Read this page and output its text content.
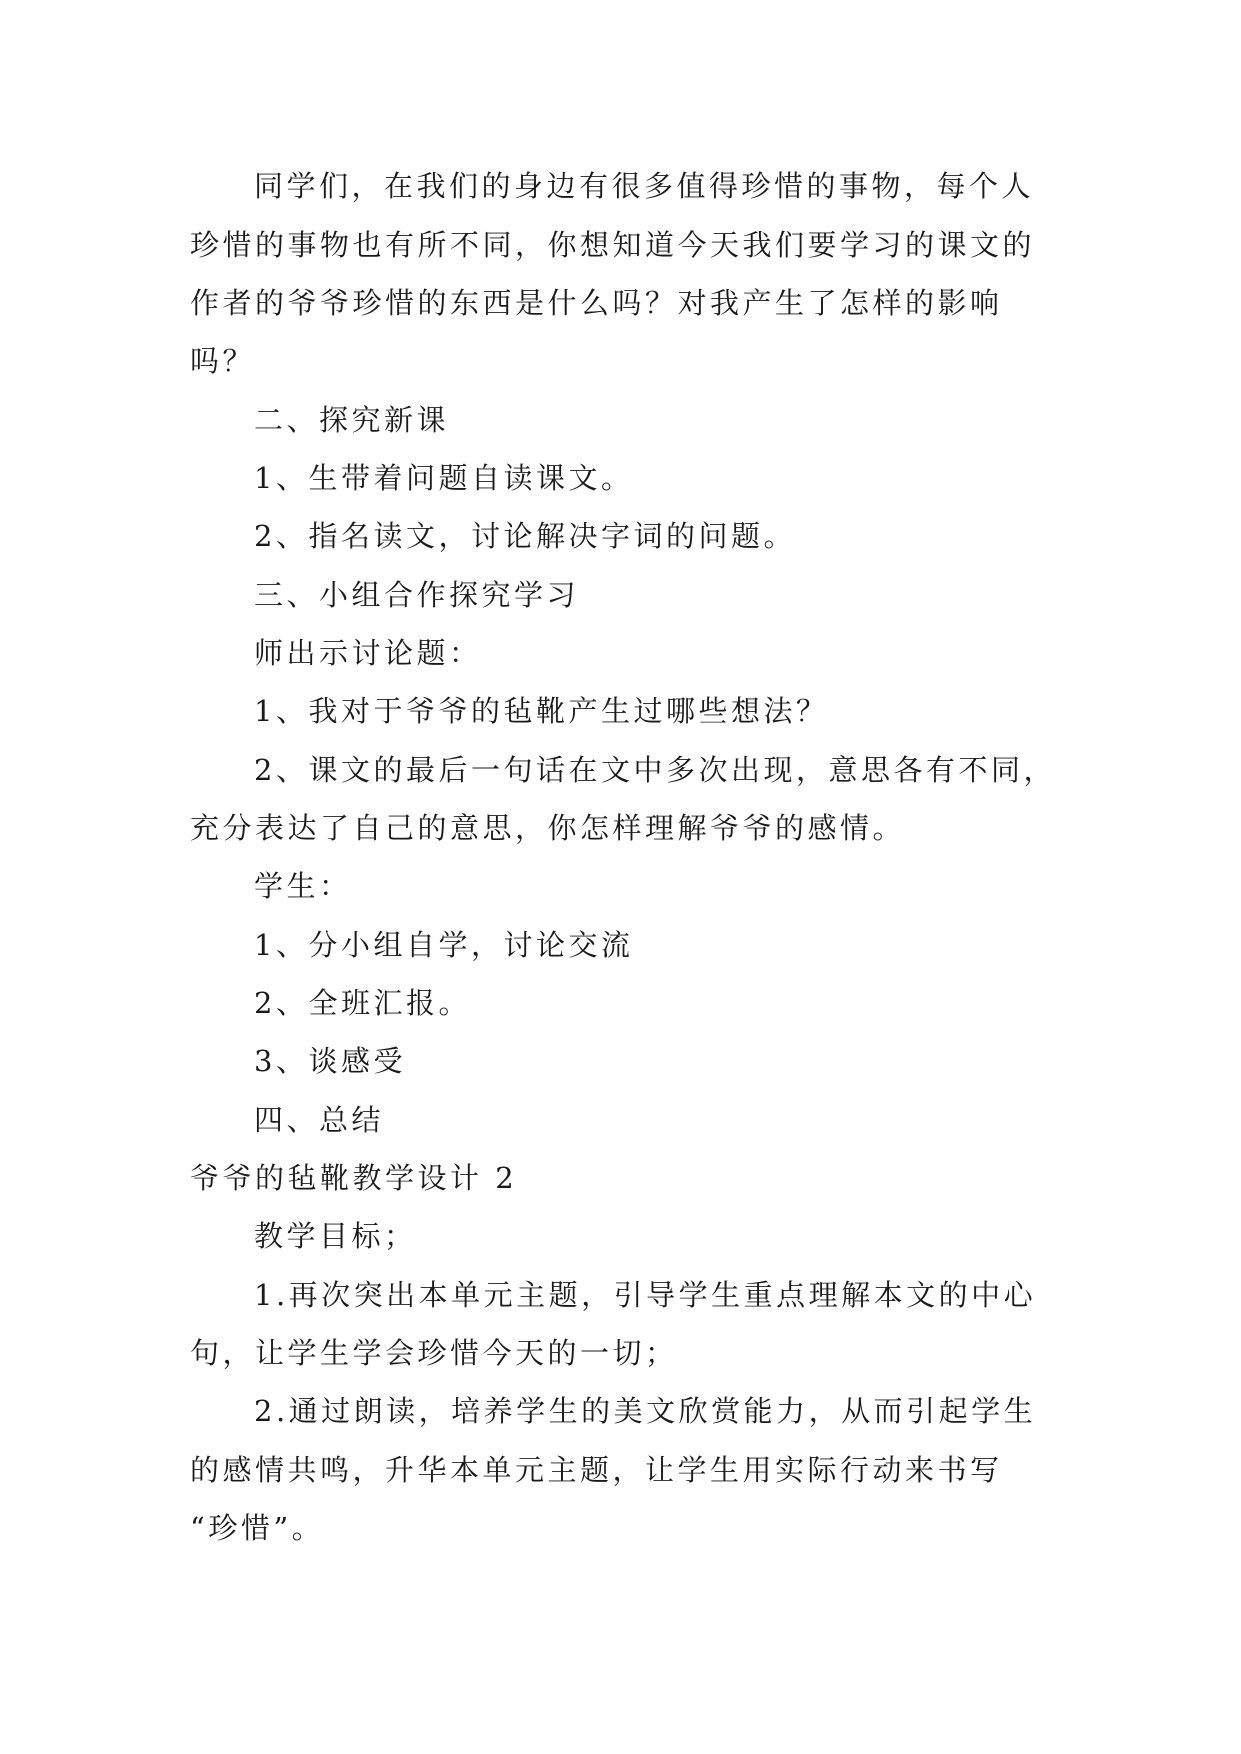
同学们，在我们的身边有很多值得珍惜的事物，每个人
珍惜的事物也有所不同，你想知道今天我们要学习的课文的
作者的爷爷珍惜的东西是什么吗？对我产生了怎样的影响
吗？
二、探究新课
1、生带着问题自读课文。
2、指名读文，讨论解决字词的问题。
三、小组合作探究学习
师出示讨论题：
1、我对于爷爷的毡靴产生过哪些想法？
2、课文的最后一句话在文中多次出现，意思各有不同，
充分表达了自己的意思，你怎样理解爷爷的感情。
学生：
1、分小组自学，讨论交流
2、全班汇报。
3、谈感受
四、总结
爷爷的毡靴教学设计 2
教学目标；
1.再次突出本单元主题，引导学生重点理解本文的中心
句，让学生学会珍惜今天的一切；
2.通过朗读，培养学生的美文欣赏能力，从而引起学生
的感情共鸣，升华本单元主题，让学生用实际行动来书写
“珍惜”。
